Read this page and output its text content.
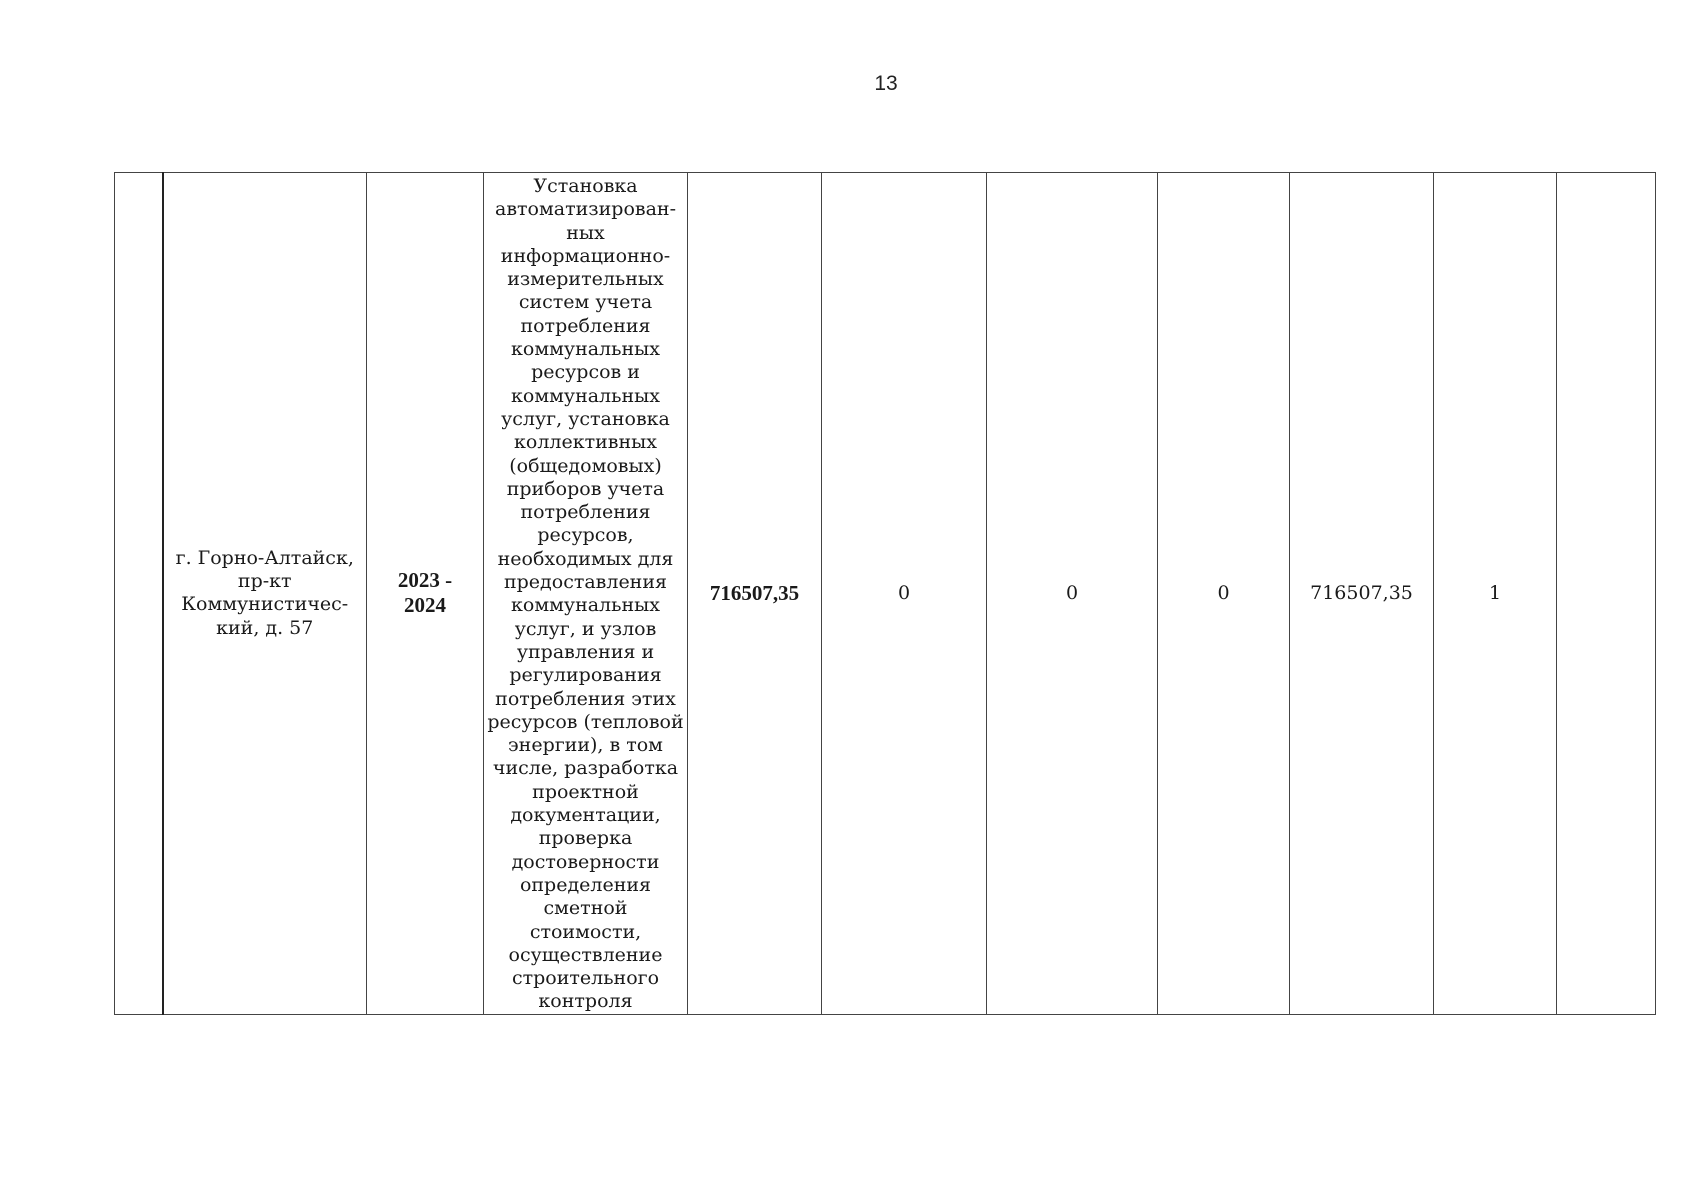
13
	г. Горно-Алтайск,
пр-кт
Коммунистичес-
кий, д. 57	2023 -
2024	Установка
автоматизирован-
ных
информационно-
измерительных
систем учета
потребления
коммунальных
ресурсов и
коммунальных
услуг, установка
коллективных
(общедомовых)
приборов учета
потребления
ресурсов,
необходимых для
предоставления
коммунальных
услуг, и узлов
управления и
регулирования
потребления этих
ресурсов (тепловой
энергии), в том
числе, разработка
проектной
документации,
проверка
достоверности
определения
сметной стоимости,
осуществление
строительного
контроля	716507,35	0	0	0	716507,35	1	
